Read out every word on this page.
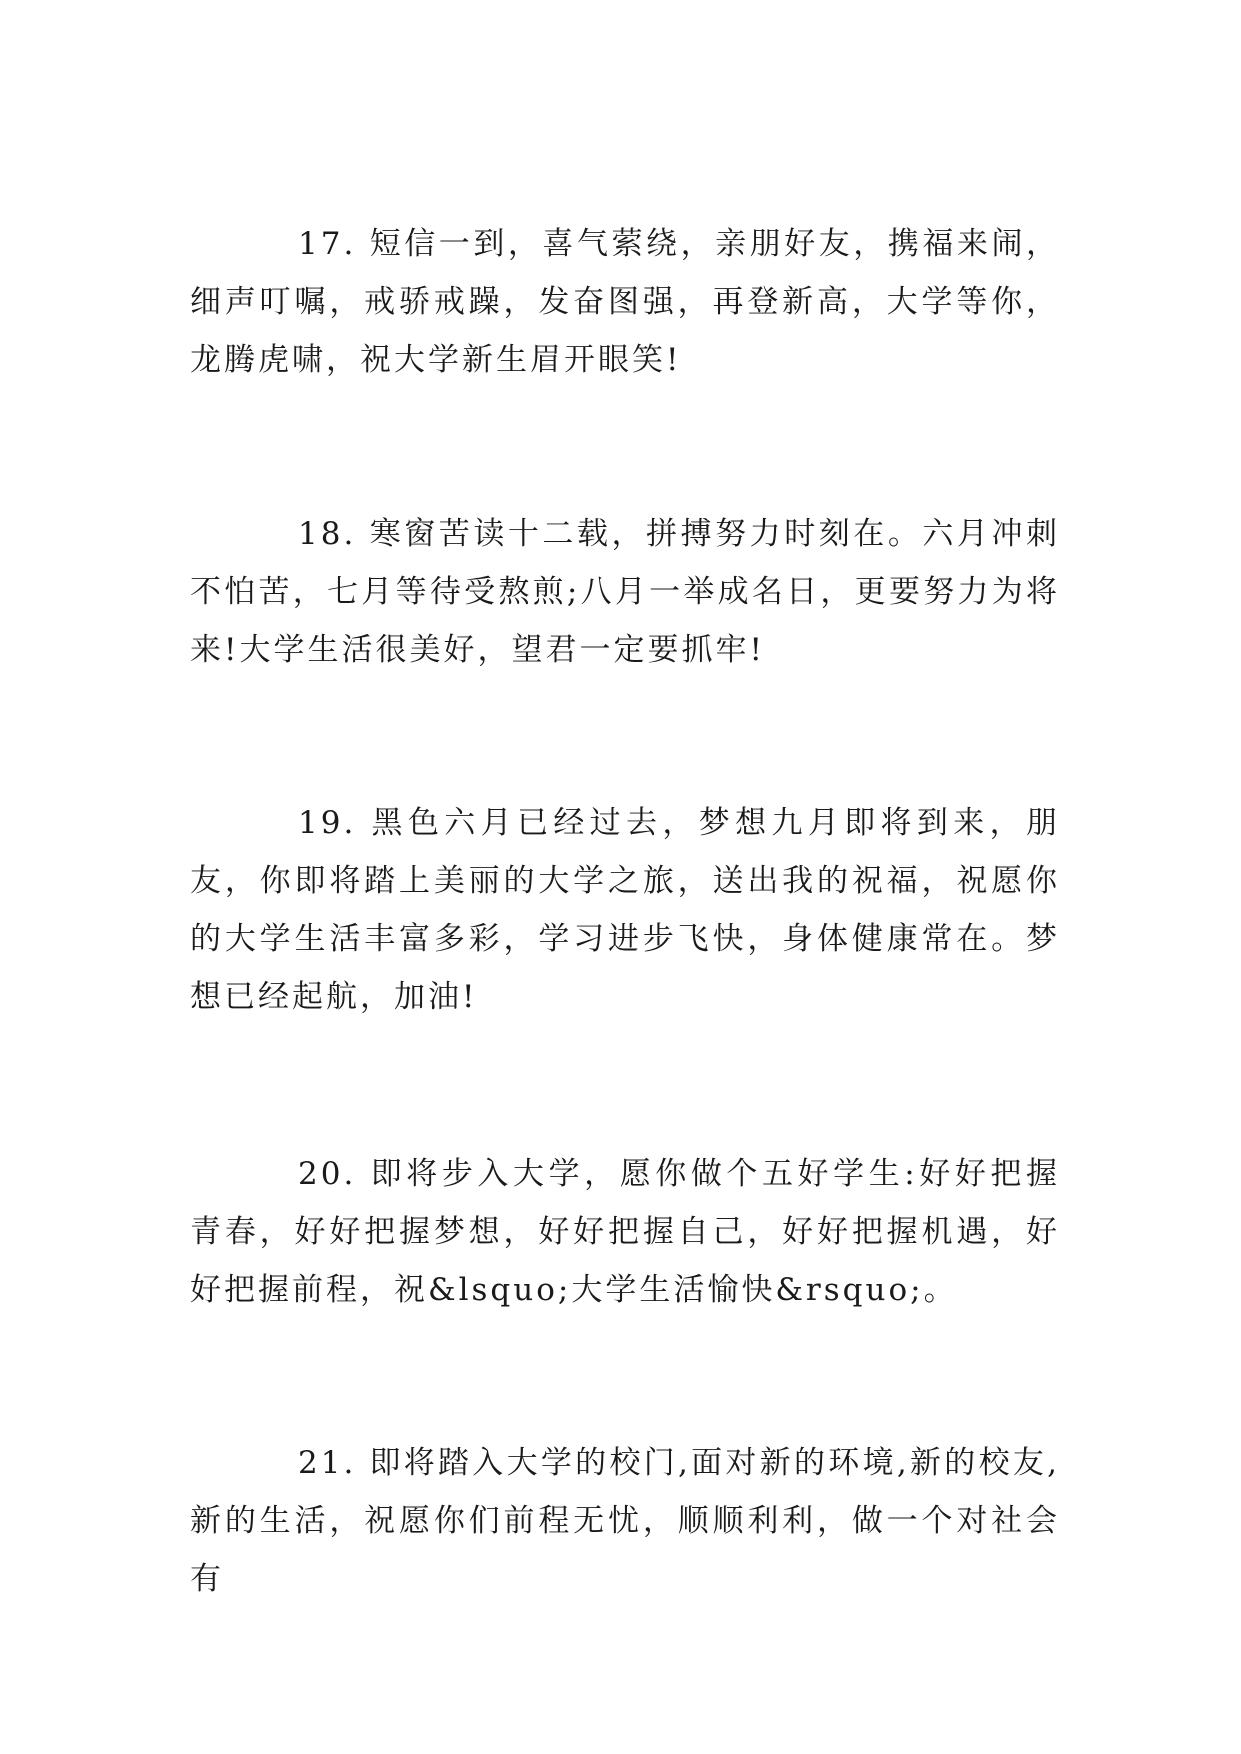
17. 短信一到，喜气萦绕，亲朋好友，携福来闹，细声叮嘱，戒骄戒躁，发奋图强，再登新高，大学等你，龙腾虎啸，祝大学新生眉开眼笑!

18. 寒窗苦读十二载，拼搏努力时刻在。六月冲刺不怕苦，七月等待受熬煎;八月一举成名日，更要努力为将来!大学生活很美好，望君一定要抓牢!

19. 黑色六月已经过去，梦想九月即将到来，朋友，你即将踏上美丽的大学之旅，送出我的祝福，祝愿你的大学生活丰富多彩，学习进步飞快，身体健康常在。梦想已经起航，加油!

20. 即将步入大学，愿你做个五好学生:好好把握青春，好好把握梦想，好好把握自己，好好把握机遇，好好把握前程，祝&lsquo;大学生活愉快&rsquo;。

21. 即将踏入大学的校门,面对新的环境,新的校友,新的生活，祝愿你们前程无忧，顺顺利利，做一个对社会有
